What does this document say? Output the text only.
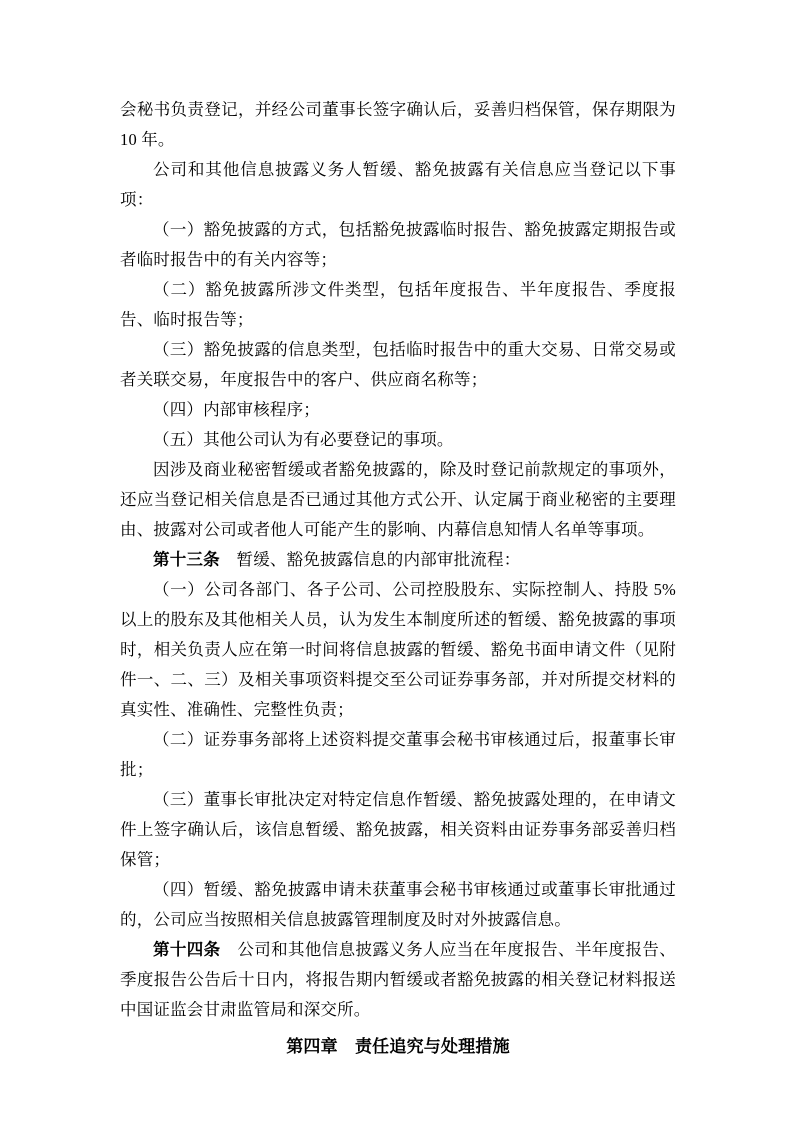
会秘书负责登记，并经公司董事长签字确认后，妥善归档保管，保存期限为 10 年。

公司和其他信息披露义务人暂缓、豁免披露有关信息应当登记以下事项：

（一）豁免披露的方式，包括豁免披露临时报告、豁免披露定期报告或者临时报告中的有关内容等；

（二）豁免披露所涉文件类型，包括年度报告、半年度报告、季度报告、临时报告等；

（三）豁免披露的信息类型，包括临时报告中的重大交易、日常交易或者关联交易，年度报告中的客户、供应商名称等；

（四）内部审核程序；

（五）其他公司认为有必要登记的事项。

因涉及商业秘密暂缓或者豁免披露的，除及时登记前款规定的事项外，还应当登记相关信息是否已通过其他方式公开、认定属于商业秘密的主要理由、披露对公司或者他人可能产生的影响、内幕信息知情人名单等事项。

第十三条　暂缓、豁免披露信息的内部审批流程：

（一）公司各部门、各子公司、公司控股股东、实际控制人、持股 5%以上的股东及其他相关人员，认为发生本制度所述的暂缓、豁免披露的事项时，相关负责人应在第一时间将信息披露的暂缓、豁免书面申请文件（见附件一、二、三）及相关事项资料提交至公司证券事务部，并对所提交材料的真实性、准确性、完整性负责；

（二）证券事务部将上述资料提交董事会秘书审核通过后，报董事长审批；

（三）董事长审批决定对特定信息作暂缓、豁免披露处理的，在申请文件上签字确认后，该信息暂缓、豁免披露，相关资料由证券事务部妥善归档保管；

（四）暂缓、豁免披露申请未获董事会秘书审核通过或董事长审批通过的，公司应当按照相关信息披露管理制度及时对外披露信息。

第十四条　公司和其他信息披露义务人应当在年度报告、半年度报告、季度报告公告后十日内，将报告期内暂缓或者豁免披露的相关登记材料报送中国证监会甘肃监管局和深交所。

第四章　责任追究与处理措施
